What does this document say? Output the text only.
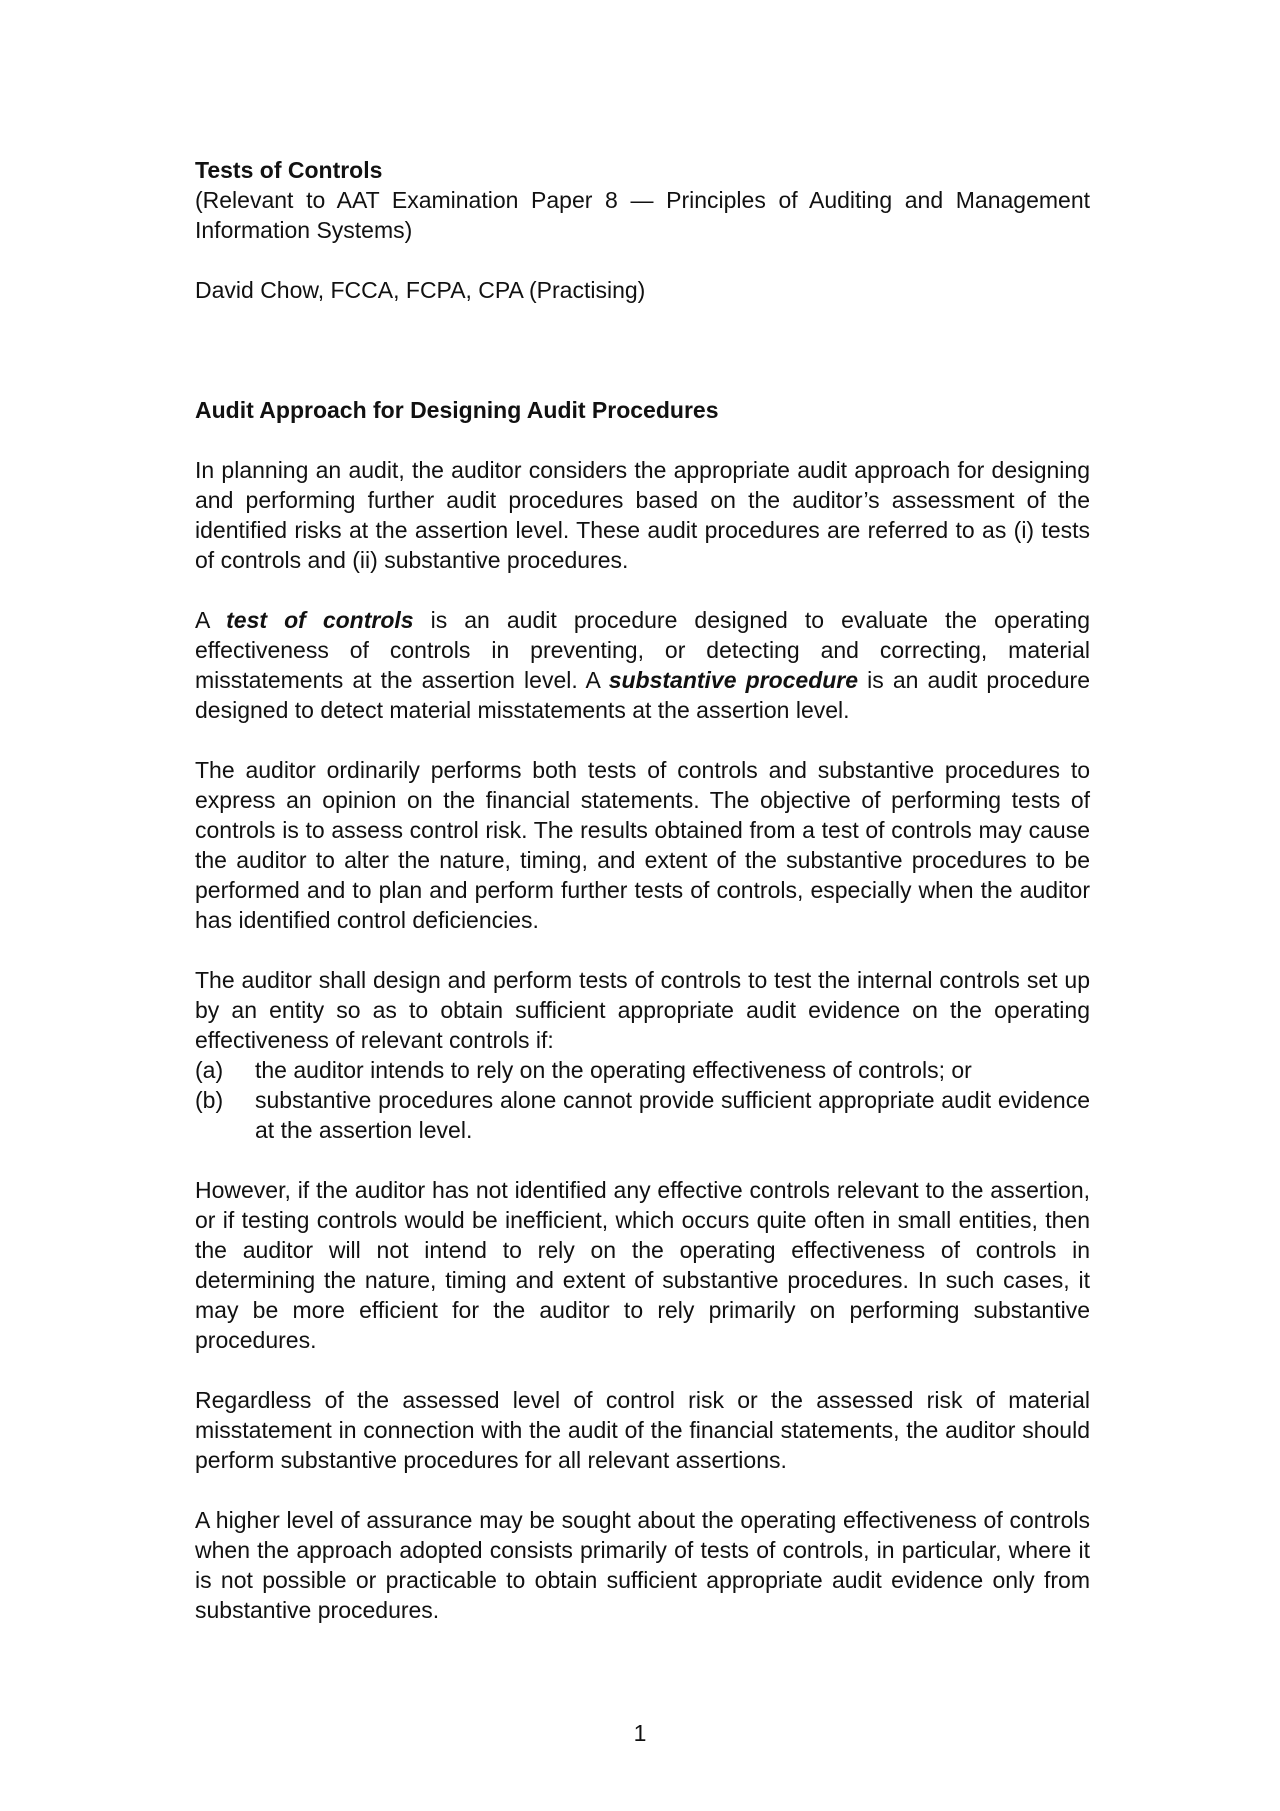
Tests of Controls

(Relevant to AAT Examination Paper 8 — Principles of Auditing and Management Information Systems)

David Chow, FCCA, FCPA, CPA (Practising)

Audit Approach for Designing Audit Procedures

In planning an audit, the auditor considers the appropriate audit approach for designing and performing further audit procedures based on the auditor’s assessment of the identified risks at the assertion level. These audit procedures are referred to as (i) tests of controls and (ii) substantive procedures.

A test of controls is an audit procedure designed to evaluate the operating effectiveness of controls in preventing, or detecting and correcting, material misstatements at the assertion level. A substantive procedure is an audit procedure designed to detect material misstatements at the assertion level.

The auditor ordinarily performs both tests of controls and substantive procedures to express an opinion on the financial statements. The objective of performing tests of controls is to assess control risk. The results obtained from a test of controls may cause the auditor to alter the nature, timing, and extent of the substantive procedures to be performed and to plan and perform further tests of controls, especially when the auditor has identified control deficiencies.

The auditor shall design and perform tests of controls to test the internal controls set up by an entity so as to obtain sufficient appropriate audit evidence on the operating effectiveness of relevant controls if:

(a)	the auditor intends to rely on the operating effectiveness of controls; or
(b)	substantive procedures alone cannot provide sufficient appropriate audit evidence at the assertion level.

However, if the auditor has not identified any effective controls relevant to the assertion, or if testing controls would be inefficient, which occurs quite often in small entities, then the auditor will not intend to rely on the operating effectiveness of controls in determining the nature, timing and extent of substantive procedures. In such cases, it may be more efficient for the auditor to rely primarily on performing substantive procedures.

Regardless of the assessed level of control risk or the assessed risk of material misstatement in connection with the audit of the financial statements, the auditor should perform substantive procedures for all relevant assertions.

A higher level of assurance may be sought about the operating effectiveness of controls when the approach adopted consists primarily of tests of controls, in particular, where it is not possible or practicable to obtain sufficient appropriate audit evidence only from substantive procedures.

1
